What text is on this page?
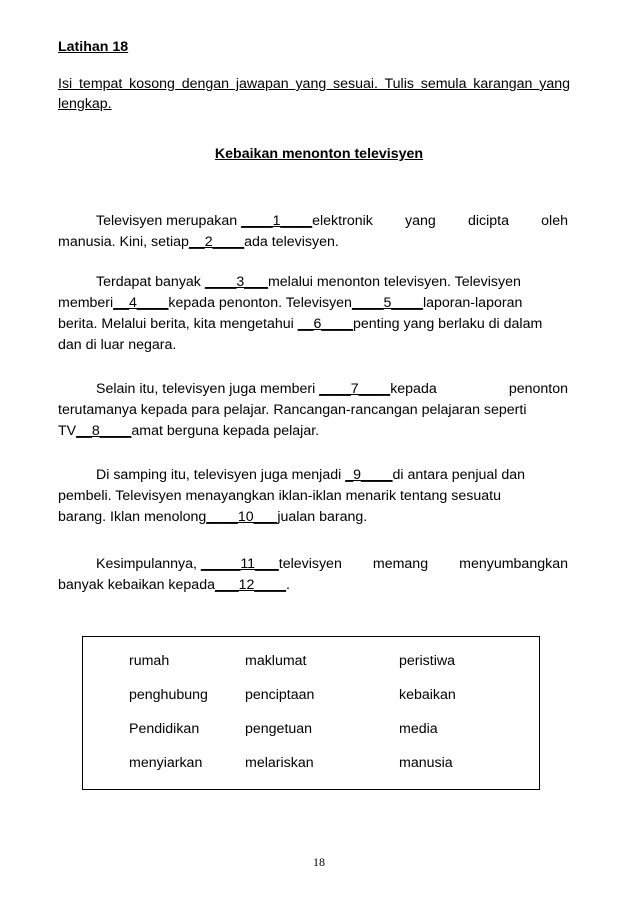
Latihan 18
Isi tempat kosong dengan jawapan yang sesuai. Tulis semula karangan yang lengkap.
Kebaikan menonton televisyen
Televisyen merupakan ____1____elektronik yang dicipta oleh
manusia. Kini, setiap __2____ ada televisyen.
Terdapat banyak ____3___melalui menonton televisyen. Televisyen
memberi __4____ kepada penonton. Televisyen ____5____ laporan-laporan
berita. Melalui berita, kita mengetahui __6____penting yang berlaku di dalam
dan di luar negara.
Selain itu, televisyen juga memberi ____7____kepada	penonton
terutamanya kepada para pelajar. Rancangan-rancangan pelajaran seperti
TV __8____ amat berguna kepada pelajar.
Di samping itu, televisyen juga menjadi _9____di antara penjual dan
pembeli. Televisyen menayangkan iklan-iklan menarik tentang sesuatu
barang. Iklan menolong ____10___ jualan barang.
Kesimpulannya, _____11___televisyen memang menyumbangkan
banyak kebaikan kepada ___12____ .
rumah	maklumat	peristiwa
penghubung	penciptaan	kebaikan
Pendidikan	pengetuan	media
menyiarkan	melariskan	manusia
18
